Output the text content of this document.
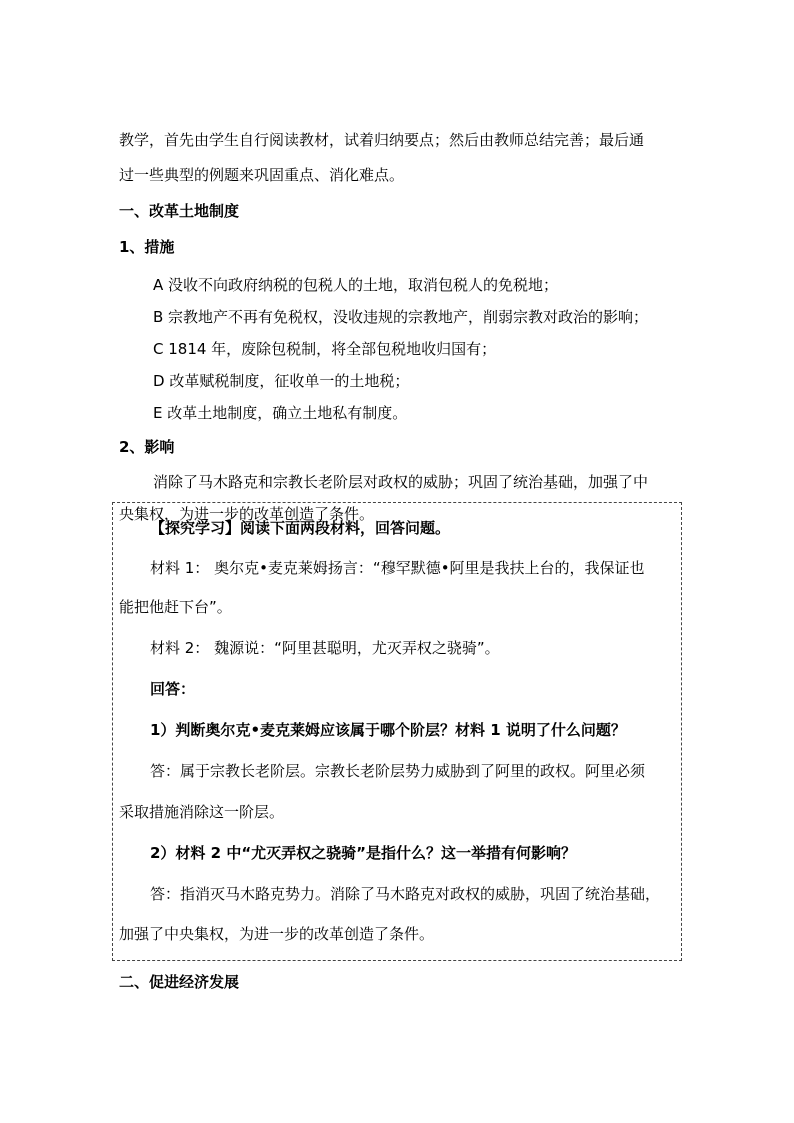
教学，首先由学生自行阅读教材，试着归纳要点；然后由教师总结完善；最后通
过一些典型的例题来巩固重点、消化难点。
一、改革土地制度
1、措施
A 没收不向政府纳税的包税人的土地，取消包税人的免税地；
B 宗教地产不再有免税权，没收违规的宗教地产，削弱宗教对政治的影响；
C 1814 年，废除包税制，将全部包税地收归国有；
D 改革赋税制度，征收单一的土地税；
E 改革土地制度，确立土地私有制度。
2、影响
消除了马木路克和宗教长老阶层对政权的威胁；巩固了统治基础，加强了中
央集权，为进一步的改革创造了条件。
【探究学习】阅读下面两段材料，回答问题。
材料 1： 奥尔克•麦克莱姆扬言：“穆罕默德•阿里是我扶上台的，我保证也
能把他赶下台”。
材料 2： 魏源说：“阿里甚聪明，尤灭弄权之骁骑”。
回答：
1）判断奥尔克•麦克莱姆应该属于哪个阶层？材料 1 说明了什么问题？
答：属于宗教长老阶层。宗教长老阶层势力威胁到了阿里的政权。阿里必须
采取措施消除这一阶层。
2）材料 2 中“尤灭弄权之骁骑”是指什么？这一举措有何影响？
答：指消灭马木路克势力。消除了马木路克对政权的威胁，巩固了统治基础，
加强了中央集权，为进一步的改革创造了条件。
二、促进经济发展
